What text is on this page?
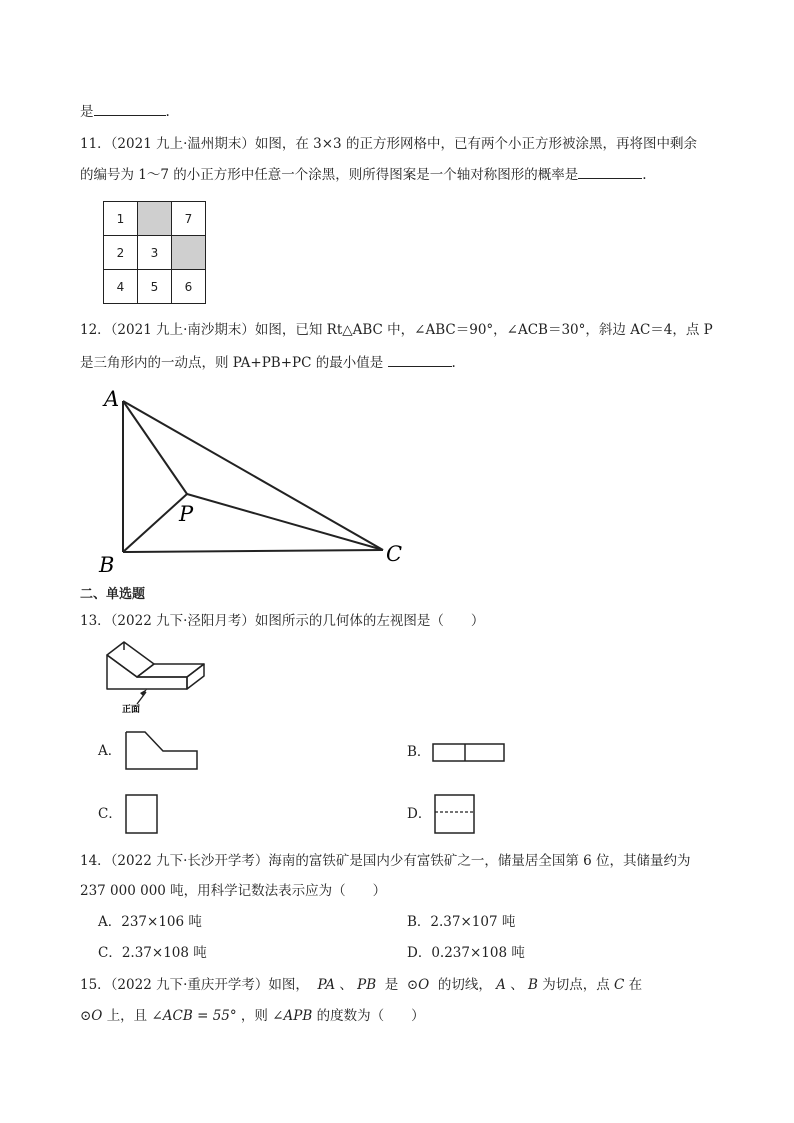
是	.
11．（2021 九上·温州期末）如图，在 3×3 的正方形网格中，已有两个小正方形被涂黑，再将图中剩余
的编号为 1～7 的小正方形中任意一个涂黑，则所得图案是一个轴对称图形的概率是	.
1		7
2	3	
4	5	6
12．（2021 九上·南沙期末）如图，已知 Rt△ABC 中，∠ABC＝90°，∠ACB＝30°，斜边 AC＝4，点 P
是三角形内的一动点，则 PA+PB+PC 的最小值是	.
A
B	C
P
二、单选题
13．（2022 九下·泾阳月考）如图所示的几何体的左视图是（　　）
正面
A．	B．
C．	D．
14．（2022 九下·长沙开学考）海南的富铁矿是国内少有富铁矿之一，储量居全国第 6 位，其储量约为
237 000 000 吨，用科学记数法表示应为（　　）
A．237×106 吨	B．2.37×107 吨
C．2.37×108 吨	D．0.237×108 吨
15．（2022 九下·重庆开学考）如图， PA 、 PB 是 ⊙O 的切线， A 、 B 为切点，点 C 在
⊙O 上，且 ∠ACB = 55° ，则 ∠APB 的度数为（　　）
